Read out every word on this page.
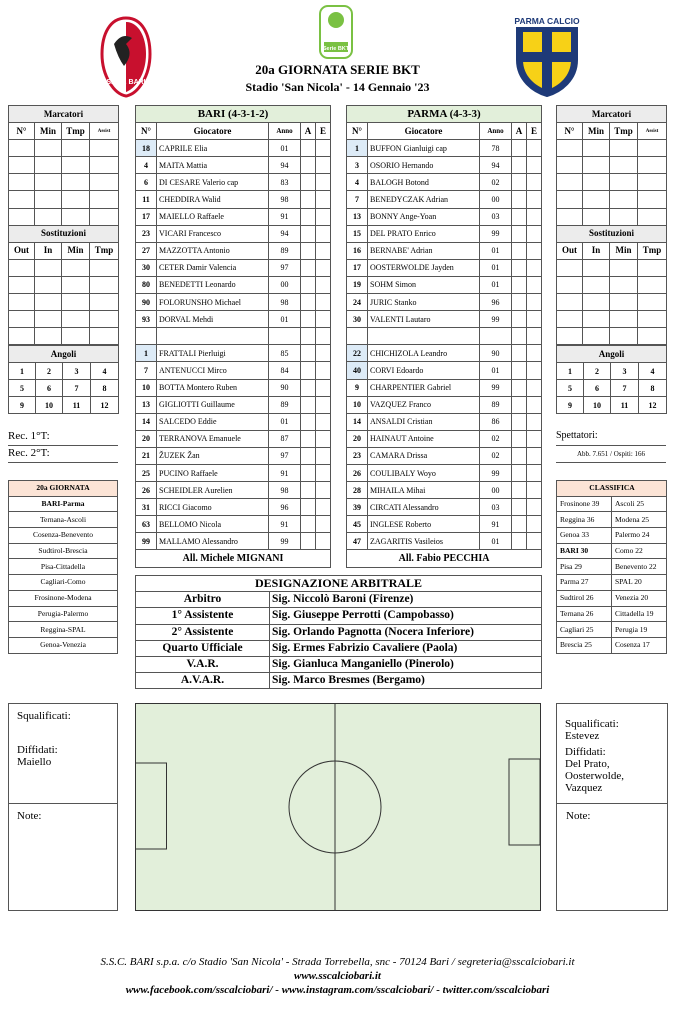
S.S.C. BARI
Serie BKT
PARMA CALCIO
20a GIORNATA SERIE BKT
Stadio 'San Nicola' - 14 Gennaio '23
Marcatori			
N°	Min	Tmp	Assist

Sostituzioni			
Out	In	Min	Tmp

Angoli			
1	2	3	4
5	6	7	8
9	10	11	12
Rec. 1°T:
Rec. 2°T:
Marcatori			
N°	Min	Tmp	Assist

Sostituzioni			
Out	In	Min	Tmp

Angoli			
1	2	3	4
5	6	7	8
9	10	11	12
Spettatori:
Abb. 7.651 / Ospiti: 166
BARI (4-3-1-2)				
N°	Giocatore	Anno	A	E
18	CAPRILE Elia	01		
4	MAITA Mattia	94		
6	DI CESARE Valerio cap	83		
11	CHEDDIRA Walid	98		
17	MAIELLO Raffaele	91		
23	VICARI Francesco	94		
27	MAZZOTTA Antonio	89		
30	CETER Damir Valencia	97		
80	BENEDETTI Leonardo	00		
90	FOLORUNSHO Michael	98		
93	DORVAL Mehdi	01		

1	FRATTALI Pierluigi	85		
7	ANTENUCCI Mirco	84		
10	BOTTA Montero Ruben	90		
13	GIGLIOTTI Guillaume	89		
14	SALCEDO Eddie	01		
20	TERRANOVA Emanuele	87		
21	ŽUZEK Žan	97		
25	PUCINO Raffaele	91		
26	SCHEIDLER Aurelien	98		
31	RICCI Giacomo	96		
63	BELLOMO Nicola	91		
99	MALLAMO Alessandro	99		
All. Michele MIGNANI				
PARMA (4-3-3)				
N°	Giocatore	Anno	A	E
1	BUFFON Gianluigi cap	78		
3	OSORIO Hernando	94		
4	BALOGH Botond	02		
7	BENEDYCZAK Adrian	00		
13	BONNY Ange-Yoan	03		
15	DEL PRATO Enrico	99		
16	BERNABE' Adrian	01		
17	OOSTERWOLDE Jayden	01		
19	SOHM Simon	01		
24	JURIC Stanko	96		
30	VALENTI Lautaro	99		

22	CHICHIZOLA Leandro	90		
40	CORVI Edoardo	01		
9	CHARPENTIER Gabriel	99		
10	VAZQUEZ Franco	89		
14	ANSALDI Cristian	86		
20	HAINAUT Antoine	02		
23	CAMARA Drissa	02		
26	COULIBALY Woyo	99		
28	MIHAILA Mihai	00		
39	CIRCATI Alessandro	03		
45	INGLESE Roberto	91		
47	ZAGARITIS Vasileios	01		
All. Fabio PECCHIA				
20a GIORNATA
BARI-Parma
Ternana-Ascoli
Cosenza-Benevento
Sudtirol-Brescia
Pisa-Cittadella
Cagliari-Como
Frosinone-Modena
Perugia-Palermo
Reggina-SPAL
Genoa-Venezia
CLASSIFICA	
Frosinone 39	Ascoli 25
Reggina 36	Modena 25
Genoa 33	Palermo 24
BARI 30	Como 22
Pisa 29	Benevento 22
Parma 27	SPAL 20
Sudtirol 26	Venezia 20
Ternana 26	Cittadella 19
Cagliari 25	Perugia 19
Brescia 25	Cosenza 17
DESIGNAZIONE ARBITRALE	
Arbitro	Sig. Niccolò Baroni (Firenze)
1° Assistente	Sig. Giuseppe Perrotti (Campobasso)
2° Assistente	Sig. Orlando Pagnotta (Nocera Inferiore)
Quarto Ufficiale	Sig. Ermes Fabrizio Cavaliere (Paola)
V.A.R.	Sig. Gianluca Manganiello (Pinerolo)
A.V.A.R.	Sig. Marco Bresmes (Bergamo)
Squalificati:
Diffidati:
Maiello
Note:
Squalificati:
Estevez
Diffidati:
Del Prato, Oosterwolde, Vazquez
Note:
S.S.C. BARI s.p.a. c/o Stadio 'San Nicola' - Strada Torrebella, snc - 70124 Bari / segreteria@sscalciobari.it
www.sscalciobari.it
www.facebook.com/sscalciobari/ - www.instagram.com/sscalciobari/ - twitter.com/sscalciobari
